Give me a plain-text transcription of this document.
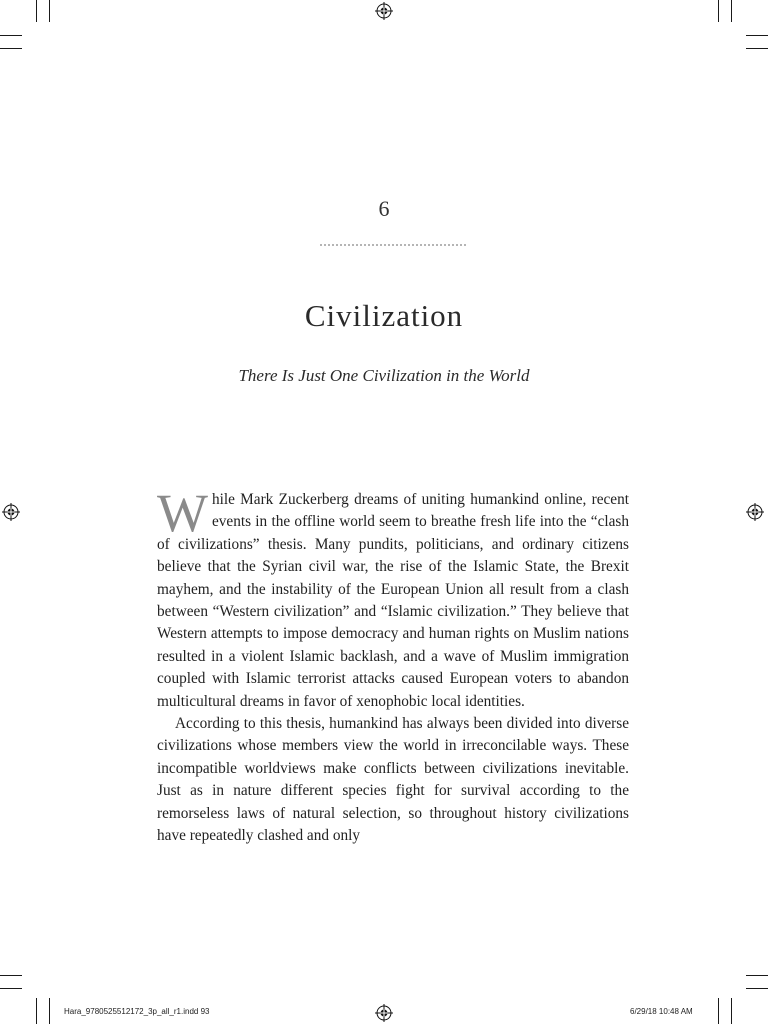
6
Civilization
There Is Just One Civilization in the World

While Mark Zuckerberg dreams of uniting humankind online, recent events in the offline world seem to breathe fresh life into the “clash of civilizations” thesis. Many pundits, politicians, and ordinary citizens believe that the Syrian civil war, the rise of the Islamic State, the Brexit mayhem, and the instability of the European Union all result from a clash between “Western civilization” and “Islamic civilization.” They believe that Western attempts to impose democracy and human rights on Muslim nations resulted in a violent Islamic backlash, and a wave of Muslim immigration coupled with Islamic terrorist attacks caused European voters to abandon multicultural dreams in favor of xenophobic local identities.

According to this thesis, humankind has always been divided into diverse civilizations whose members view the world in irreconcilable ways. These incompatible worldviews make conflicts between civilizations inevitable. Just as in nature different species fight for survival according to the remorseless laws of natural selection, so throughout history civilizations have repeatedly clashed and only

Hara_9780525512172_3p_all_r1.indd 93	6/29/18 10:48 AM
